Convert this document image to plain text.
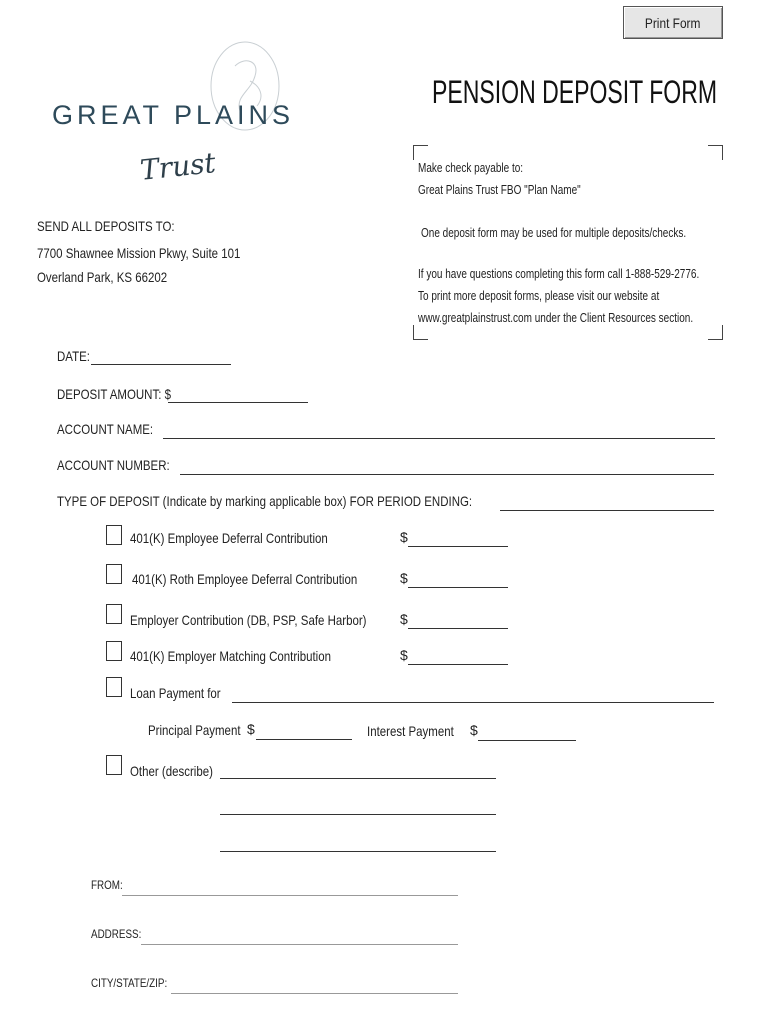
Print Form
GREAT PLAINS
Trust
PENSION DEPOSIT FORM
Make check payable to:
Great Plains Trust FBO "Plan Name"
One deposit form may be used for multiple deposits/checks.
If you have questions completing this form call 1-888-529-2776.
To print more deposit forms, please visit our website at
www.greatplainstrust.com under the Client Resources section.
SEND ALL DEPOSITS TO:
7700 Shawnee Mission Pkwy, Suite 101
Overland Park, KS 66202
DATE:
DEPOSIT AMOUNT: $
ACCOUNT NAME:
ACCOUNT NUMBER:
TYPE OF DEPOSIT (Indicate by marking applicable box) FOR PERIOD ENDING:
401(K) Employee Deferral Contribution	$
401(K) Roth Employee Deferral Contribution	$
Employer Contribution (DB, PSP, Safe Harbor) $
401(K) Employer Matching Contribution	$
Loan Payment for
Principal Payment $	Interest Payment $
Other (describe)
FROM:
ADDRESS:
CITY/STATE/ZIP:
